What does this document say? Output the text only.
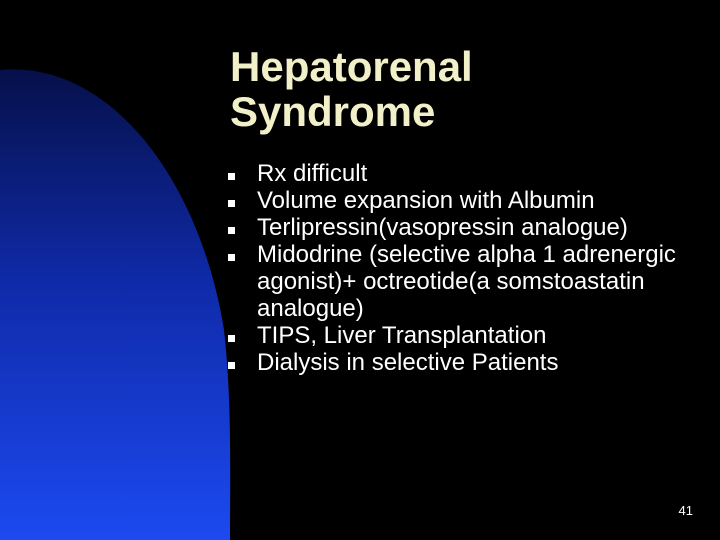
Hepatorenal
Syndrome
Rx difficult
Volume expansion with Albumin
Terlipressin(vasopressin analogue)
Midodrine (selective alpha 1 adrenergic agonist)+ octreotide(a somstoastatin analogue)
TIPS, Liver Transplantation
Dialysis in selective Patients
41
